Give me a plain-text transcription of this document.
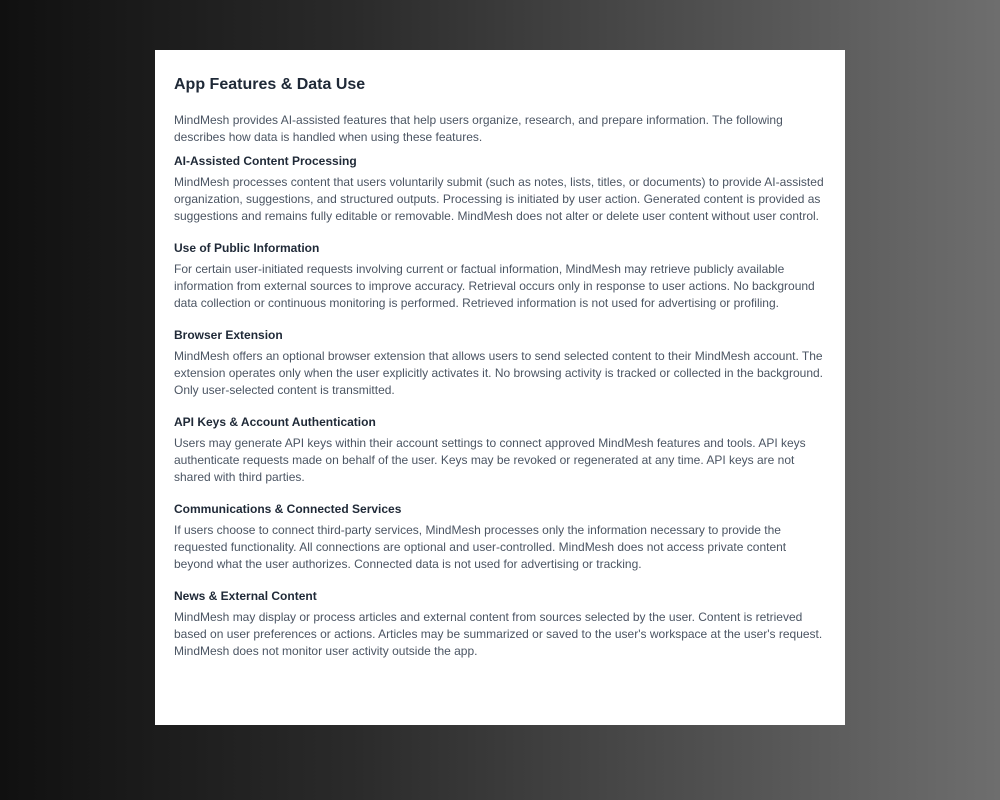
App Features & Data Use

MindMesh provides AI-assisted features that help users organize, research, and prepare information. The following describes how data is handled when using these features.

AI-Assisted Content Processing

MindMesh processes content that users voluntarily submit (such as notes, lists, titles, or documents) to provide AI-assisted organization, suggestions, and structured outputs. Processing is initiated by user action. Generated content is provided as suggestions and remains fully editable or removable. MindMesh does not alter or delete user content without user control.

Use of Public Information

For certain user-initiated requests involving current or factual information, MindMesh may retrieve publicly available information from external sources to improve accuracy. Retrieval occurs only in response to user actions. No background data collection or continuous monitoring is performed. Retrieved information is not used for advertising or profiling.

Browser Extension

MindMesh offers an optional browser extension that allows users to send selected content to their MindMesh account. The extension operates only when the user explicitly activates it. No browsing activity is tracked or collected in the background. Only user-selected content is transmitted.

API Keys & Account Authentication

Users may generate API keys within their account settings to connect approved MindMesh features and tools. API keys authenticate requests made on behalf of the user. Keys may be revoked or regenerated at any time. API keys are not shared with third parties.

Communications & Connected Services

If users choose to connect third-party services, MindMesh processes only the information necessary to provide the requested functionality. All connections are optional and user-controlled. MindMesh does not access private content beyond what the user authorizes. Connected data is not used for advertising or tracking.

News & External Content

MindMesh may display or process articles and external content from sources selected by the user. Content is retrieved based on user preferences or actions. Articles may be summarized or saved to the user's workspace at the user's request. MindMesh does not monitor user activity outside the app.
